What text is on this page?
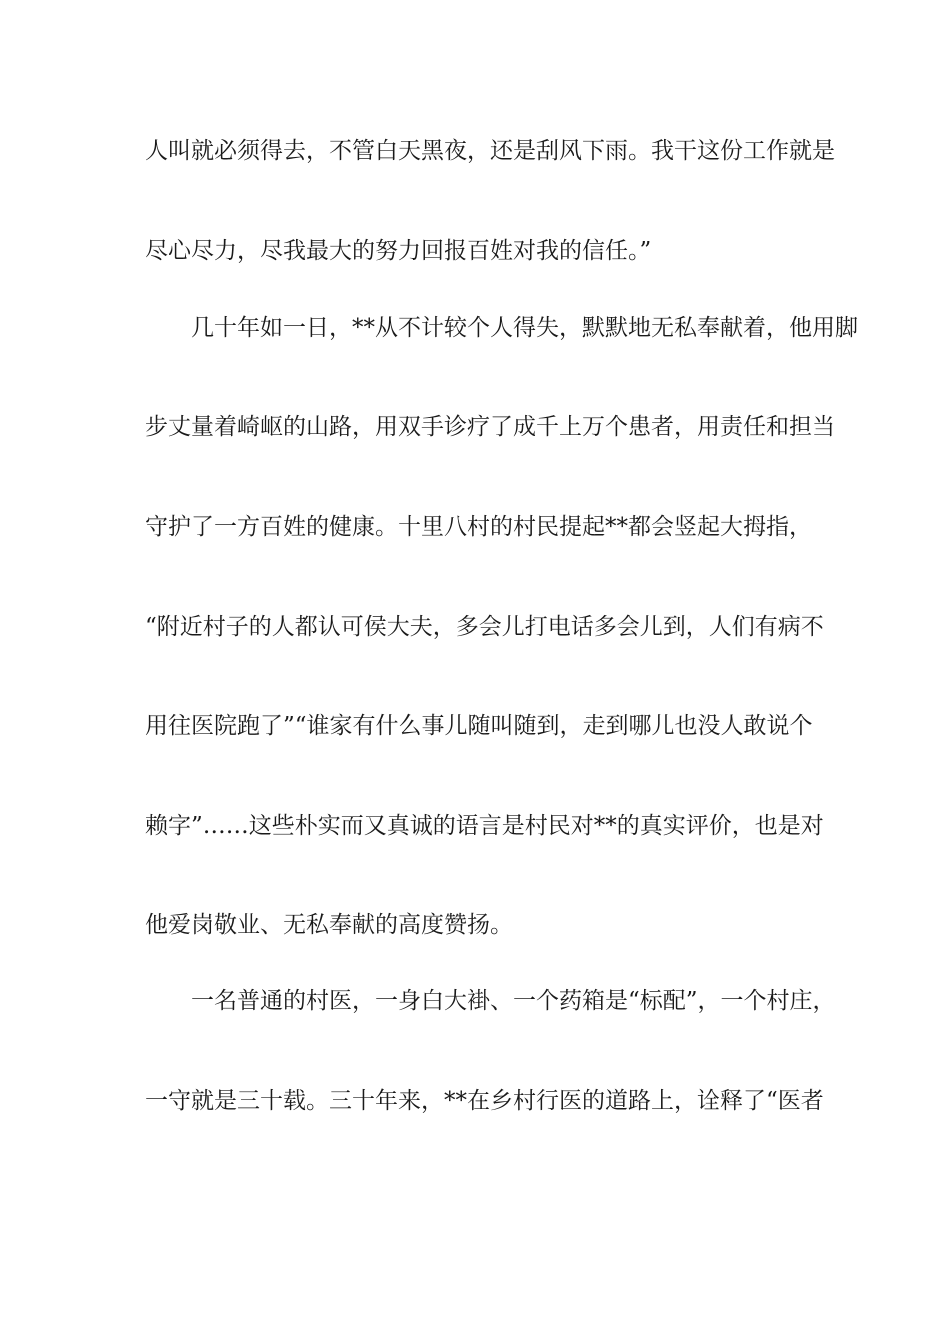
人叫就必须得去，不管白天黑夜，还是刮风下雨。我干这份工作就是
尽心尽力，尽我最大的努力回报百姓对我的信任。”
几十年如一日，**从不计较个人得失，默默地无私奉献着，他用脚
步丈量着崎岖的山路，用双手诊疗了成千上万个患者，用责任和担当
守护了一方百姓的健康。十里八村的村民提起**都会竖起大拇指，
“附近村子的人都认可侯大夫，多会儿打电话多会儿到，人们有病不
用往医院跑了”“谁家有什么事儿随叫随到，走到哪儿也没人敢说个
赖字”……这些朴实而又真诚的语言是村民对**的真实评价，也是对
他爱岗敬业、无私奉献的高度赞扬。
一名普通的村医，一身白大褂、一个药箱是“标配”，一个村庄，
一守就是三十载。三十年来，**在乡村行医的道路上，诠释了“医者
